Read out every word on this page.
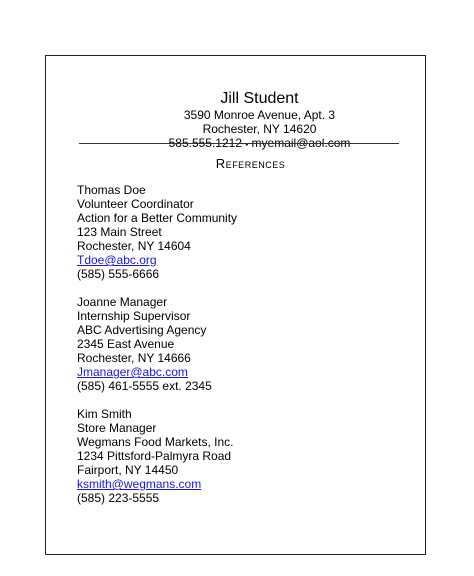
Jill Student
3590 Monroe Avenue, Apt. 3
Rochester, NY 14620
585.555.1212 ▪ myemail@aol.com
References
Thomas Doe
Volunteer Coordinator
Action for a Better Community
123 Main Street
Rochester, NY 14604
Tdoe@abc.org
(585) 555-6666
Joanne Manager
Internship Supervisor
ABC Advertising Agency
2345 East Avenue
Rochester, NY 14666
Jmanager@abc.com
(585) 461-5555 ext. 2345
Kim Smith
Store Manager
Wegmans Food Markets, Inc.
1234 Pittsford-Palmyra Road
Fairport, NY 14450
ksmith@wegmans.com
(585) 223-5555
